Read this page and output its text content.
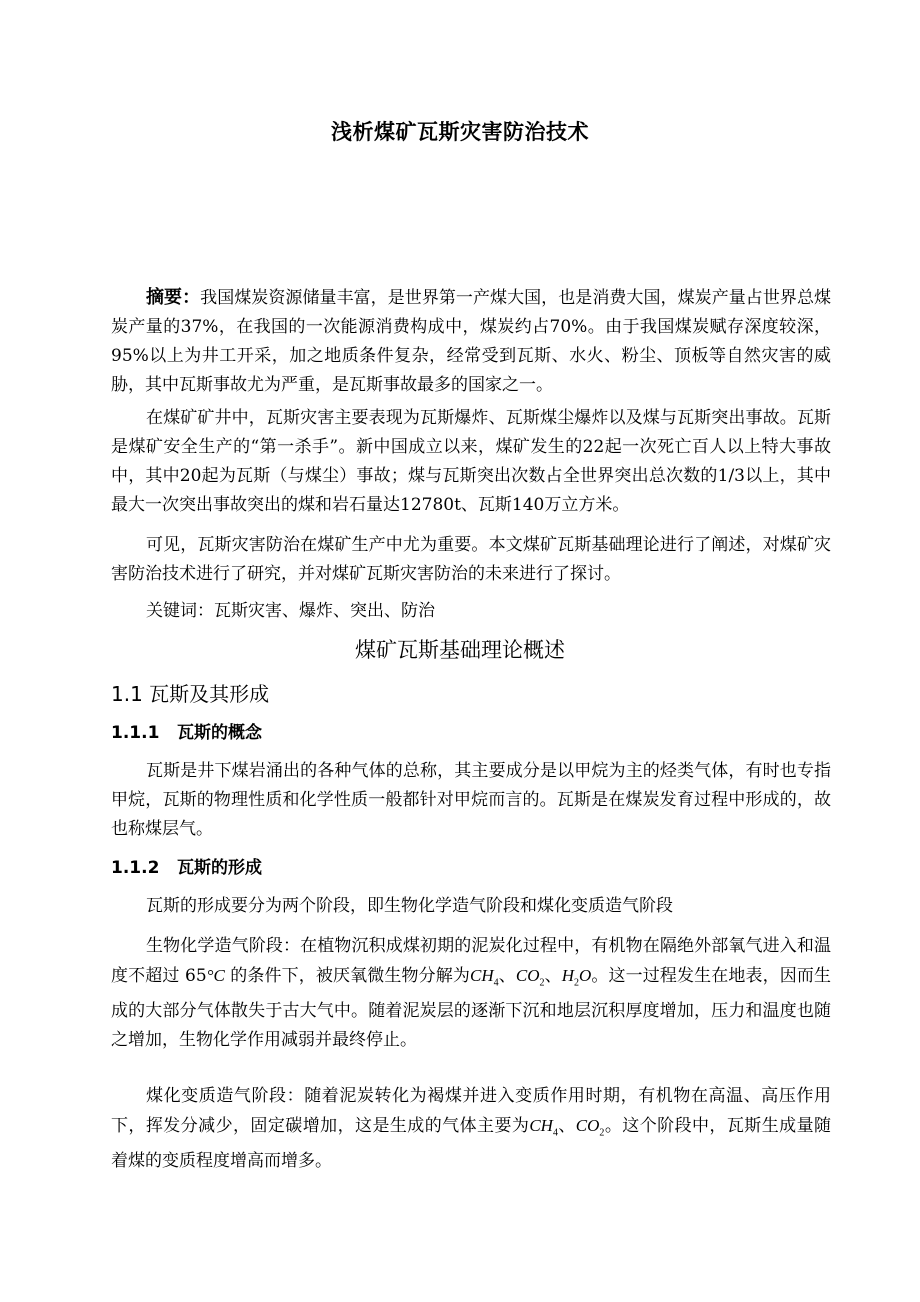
浅析煤矿瓦斯灾害防治技术

摘要：我国煤炭资源储量丰富，是世界第一产煤大国，也是消费大国，煤炭产量占世界总煤炭产量的37%，在我国的一次能源消费构成中，煤炭约占70%。由于我国煤炭赋存深度较深，95%以上为井工开采，加之地质条件复杂，经常受到瓦斯、水火、粉尘、顶板等自然灾害的威胁，其中瓦斯事故尤为严重，是瓦斯事故最多的国家之一。

在煤矿矿井中，瓦斯灾害主要表现为瓦斯爆炸、瓦斯煤尘爆炸以及煤与瓦斯突出事故。瓦斯是煤矿安全生产的“第一杀手”。新中国成立以来，煤矿发生的22起一次死亡百人以上特大事故中，其中20起为瓦斯（与煤尘）事故；煤与瓦斯突出次数占全世界突出总次数的1/3以上，其中最大一次突出事故突出的煤和岩石量达12780t、瓦斯140万立方米。

可见，瓦斯灾害防治在煤矿生产中尤为重要。本文煤矿瓦斯基础理论进行了阐述，对煤矿灾害防治技术进行了研究，并对煤矿瓦斯灾害防治的未来进行了探讨。

关键词：瓦斯灾害、爆炸、突出、防治

煤矿瓦斯基础理论概述
1.1 瓦斯及其形成
1.1.1 瓦斯的概念

瓦斯是井下煤岩涌出的各种气体的总称，其主要成分是以甲烷为主的烃类气体，有时也专指甲烷，瓦斯的物理性质和化学性质一般都针对甲烷而言的。瓦斯是在煤炭发育过程中形成的，故也称煤层气。

1.1.2 瓦斯的形成

瓦斯的形成要分为两个阶段，即生物化学造气阶段和煤化变质造气阶段

生物化学造气阶段：在植物沉积成煤初期的泥炭化过程中，有机物在隔绝外部氧气进入和温度不超过 65°C 的条件下，被厌氧微生物分解为$CH_4$、$CO_2$、$H_2O$。这一过程发生在地表，因而生成的大部分气体散失于古大气中。随着泥炭层的逐渐下沉和地层沉积厚度增加，压力和温度也随之增加，生物化学作用减弱并最终停止。

煤化变质造气阶段：随着泥炭转化为褐煤并进入变质作用时期，有机物在高温、高压作用下，挥发分减少，固定碳增加，这是生成的气体主要为$CH_4$、$CO_2$。这个阶段中，瓦斯生成量随着煤的变质程度增高而增多。
